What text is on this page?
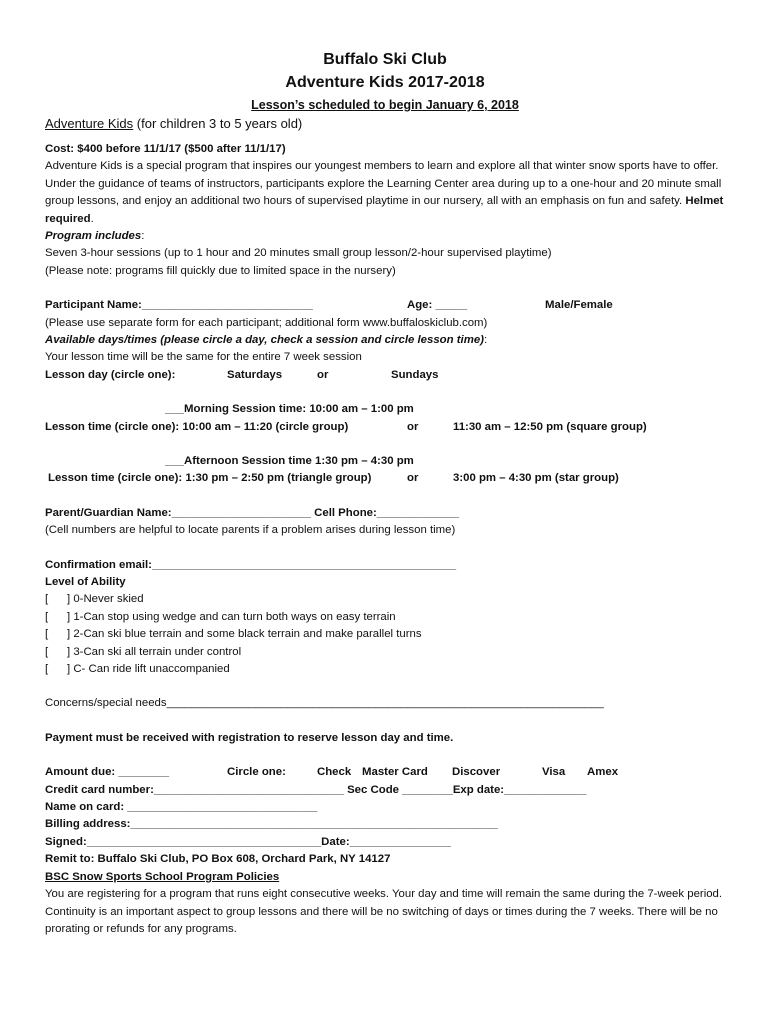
Buffalo Ski Club
Adventure Kids 2017-2018
Lesson’s scheduled to begin January 6, 2018
Adventure Kids (for children 3 to 5 years old)
Cost: $400 before 11/1/17 ($500 after 11/1/17)
Adventure Kids is a special program that inspires our youngest members to learn and explore all that winter snow sports have to offer. Under the guidance of teams of instructors, participants explore the Learning Center area during up to a one-hour and 20 minute small group lessons, and enjoy an additional two hours of supervised playtime in our nursery, all with an emphasis on fun and safety. Helmet required.
Program includes:
Seven 3-hour sessions (up to 1 hour and 20 minutes small group lesson/2-hour supervised playtime)
(Please note: programs fill quickly due to limited space in the nursery)
Participant Name:___________________________	Age: _____	Male/Female
(Please use separate form for each participant; additional form www.buffaloskiclub.com)
Available days/times (please circle a day, check a session and circle lesson time):
Your lesson time will be the same for the entire 7 week session
Lesson day (circle one):	Saturdays	or	Sundays
___Morning Session time: 10:00 am – 1:00 pm
Lesson time (circle one): 10:00 am – 11:20 (circle group)	or	11:30 am – 12:50 pm (square group)
___Afternoon Session time 1:30 pm – 4:30 pm
Lesson time (circle one): 1:30 pm – 2:50 pm (triangle group)	or	3:00 pm – 4:30 pm (star group)
Parent/Guardian Name:______________________ Cell Phone:_____________
(Cell numbers are helpful to locate parents if a problem arises during lesson time)
Confirmation email:________________________________________________
Level of Ability
[ ] 0-Never skied
[ ] 1-Can stop using wedge and can turn both ways on easy terrain
[ ] 2-Can ski blue terrain and some black terrain and make parallel turns
[ ] 3-Can ski all terrain under control
[ ] C- Can ride lift unaccompanied
Concerns/special needs_____________________________________________________________________
Payment must be received with registration to reserve lesson day and time.
Amount due: ________	Circle one:	Check Master Card Discover	Visa Amex
Credit card number:______________________________ Sec Code ________Exp date:_____________
Name on card: ______________________________
Billing address:__________________________________________________________
Signed:_____________________________________Date:________________
Remit to: Buffalo Ski Club, PO Box 608, Orchard Park, NY 14127
BSC Snow Sports School Program Policies
You are registering for a program that runs eight consecutive weeks. Your day and time will remain the same during the 7-week period. Continuity is an important aspect to group lessons and there will be no switching of days or times during the 7 weeks. There will be no prorating or refunds for any programs.
